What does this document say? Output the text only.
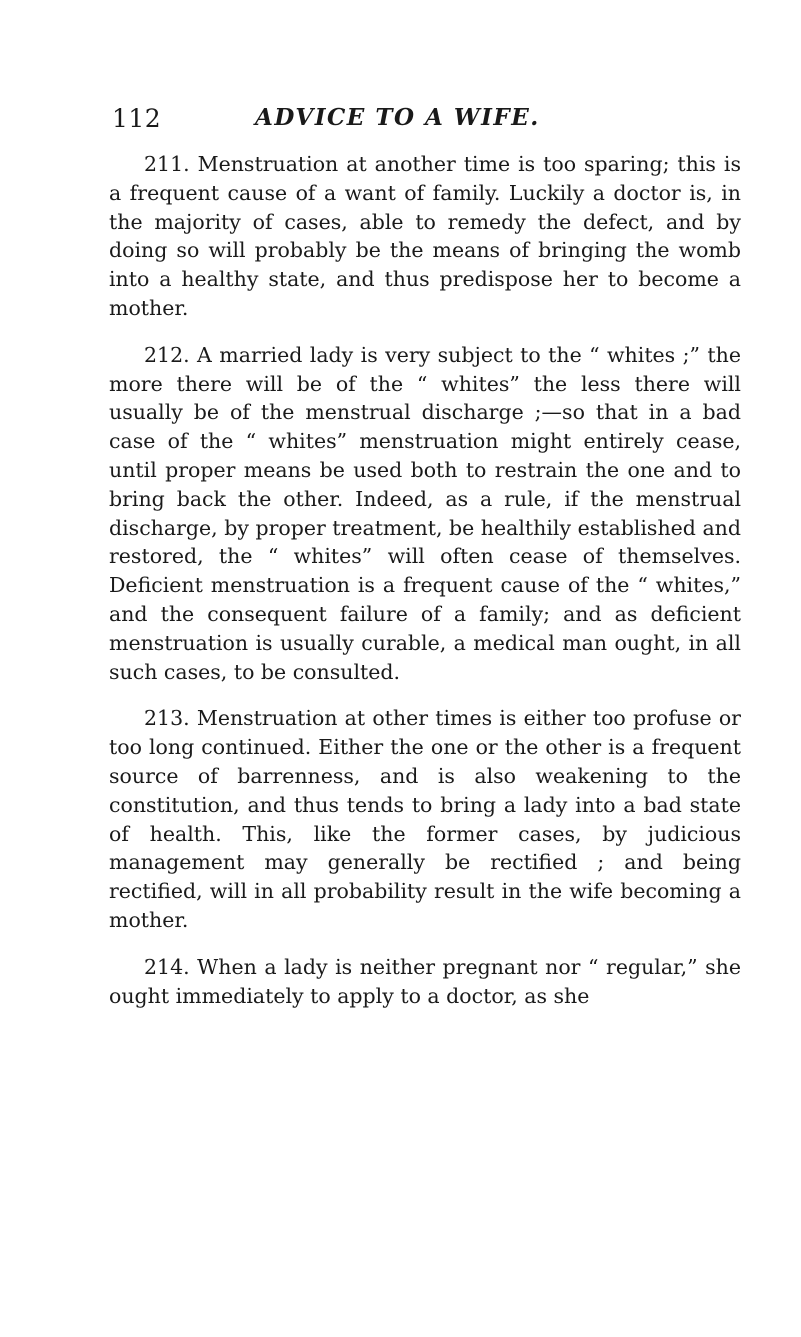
112	ADVICE TO A WIFE.

211. Menstruation at another time is too sparing; this is a frequent cause of a want of family. Luckily a doctor is, in the majority of cases, able to remedy the defect, and by doing so will probably be the means of bringing the womb into a healthy state, and thus predispose her to become a mother.

212. A married lady is very subject to the “ whites ;” the more there will be of the “ whites” the less there will usually be of the menstrual discharge ;—so that in a bad case of the “ whites” menstruation might entirely cease, until proper means be used both to restrain the one and to bring back the other. Indeed, as a rule, if the menstrual discharge, by proper treatment, be healthily established and restored, the “ whites” will often cease of themselves. Deficient menstruation is a frequent cause of the “ whites,” and the consequent failure of a family; and as deficient menstruation is usually curable, a medical man ought, in all such cases, to be consulted.

213. Menstruation at other times is either too profuse or too long continued. Either the one or the other is a frequent source of barrenness, and is also weakening to the constitution, and thus tends to bring a lady into a bad state of health. This, like the former cases, by judicious management may generally be rectified ; and being rectified, will in all probability result in the wife becoming a mother.

214. When a lady is neither pregnant nor “ regular,” she ought immediately to apply to a doctor, as she
